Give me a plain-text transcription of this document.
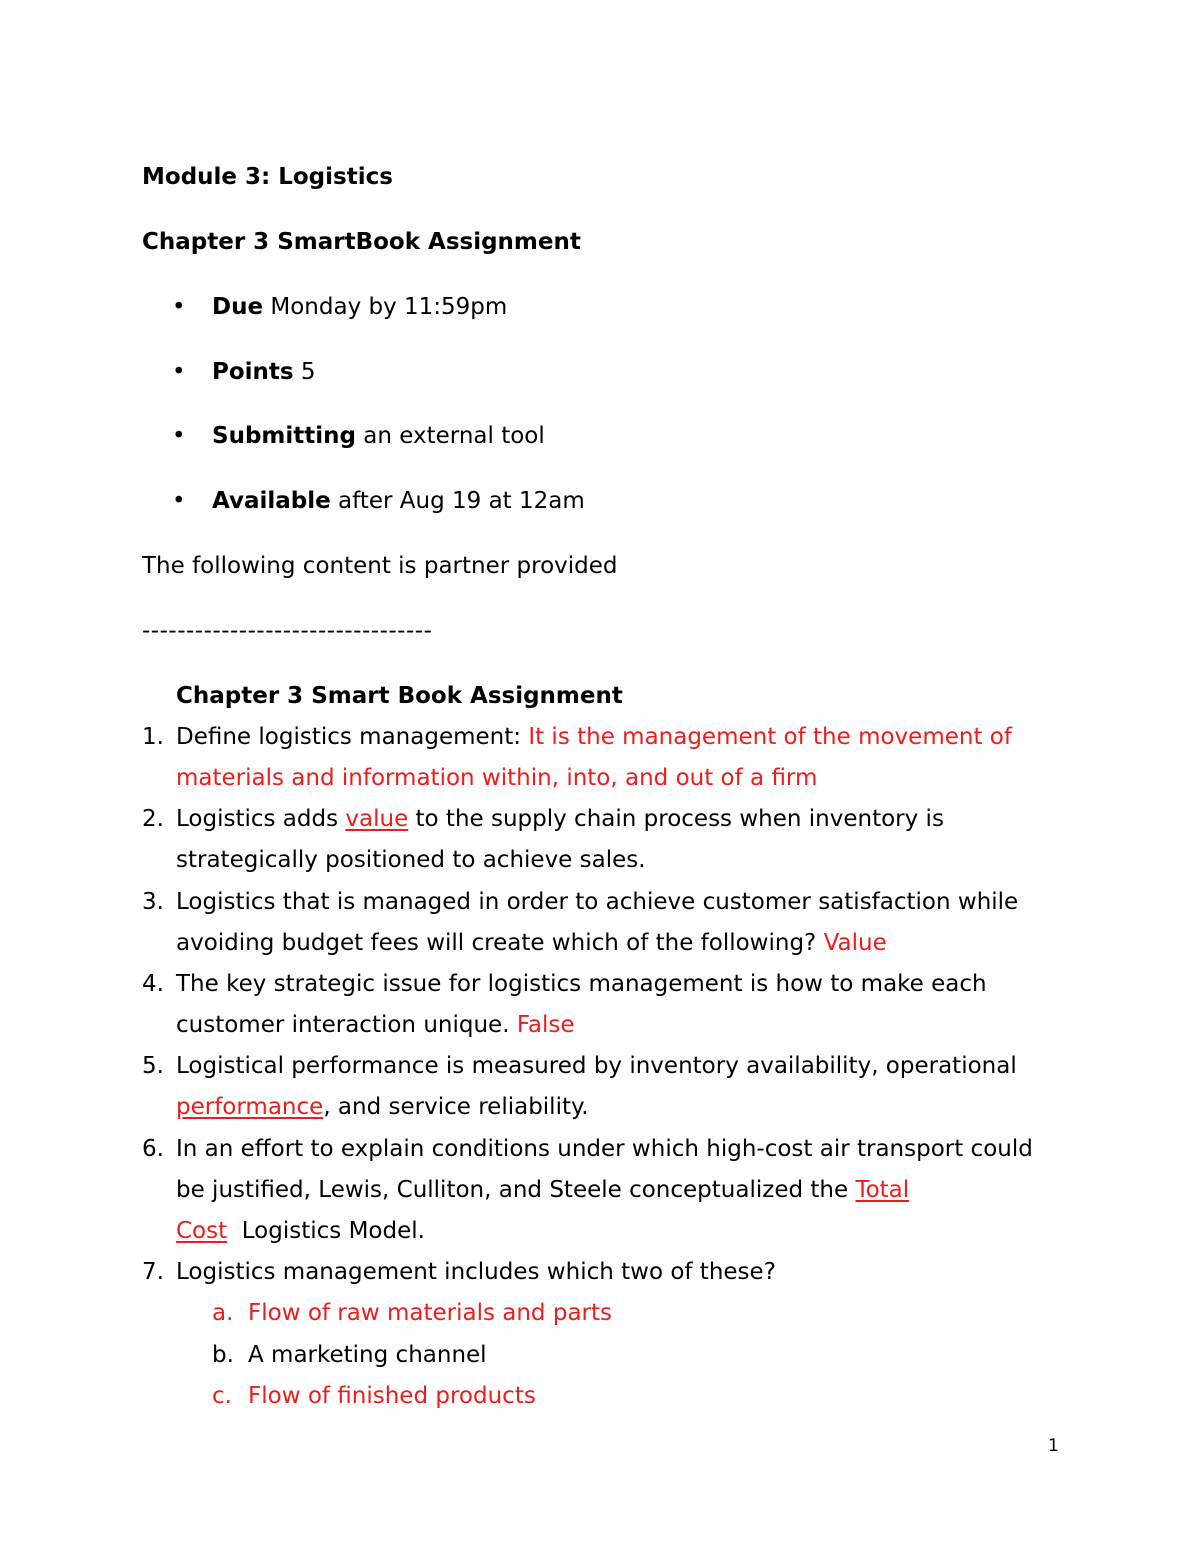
Module 3: Logistics
Chapter 3 SmartBook Assignment
• Due Monday by 11:59pm
• Points 5
• Submitting an external tool
• Available after Aug 19 at 12am
The following content is partner provided
---------------------------------
Chapter 3 Smart Book Assignment
1. Define logistics management: It is the management of the movement of
materials and information within, into, and out of a firm
2. Logistics adds value to the supply chain process when inventory is
strategically positioned to achieve sales.
3. Logistics that is managed in order to achieve customer satisfaction while
avoiding budget fees will create which of the following? Value
4. The key strategic issue for logistics management is how to make each
customer interaction unique. False
5. Logistical performance is measured by inventory availability, operational
performance, and service reliability.
6. In an effort to explain conditions under which high-cost air transport could
be justified, Lewis, Culliton, and Steele conceptualized the Total
Cost  Logistics Model.
7. Logistics management includes which two of these?
a. Flow of raw materials and parts
b. A marketing channel
c. Flow of finished products
1
